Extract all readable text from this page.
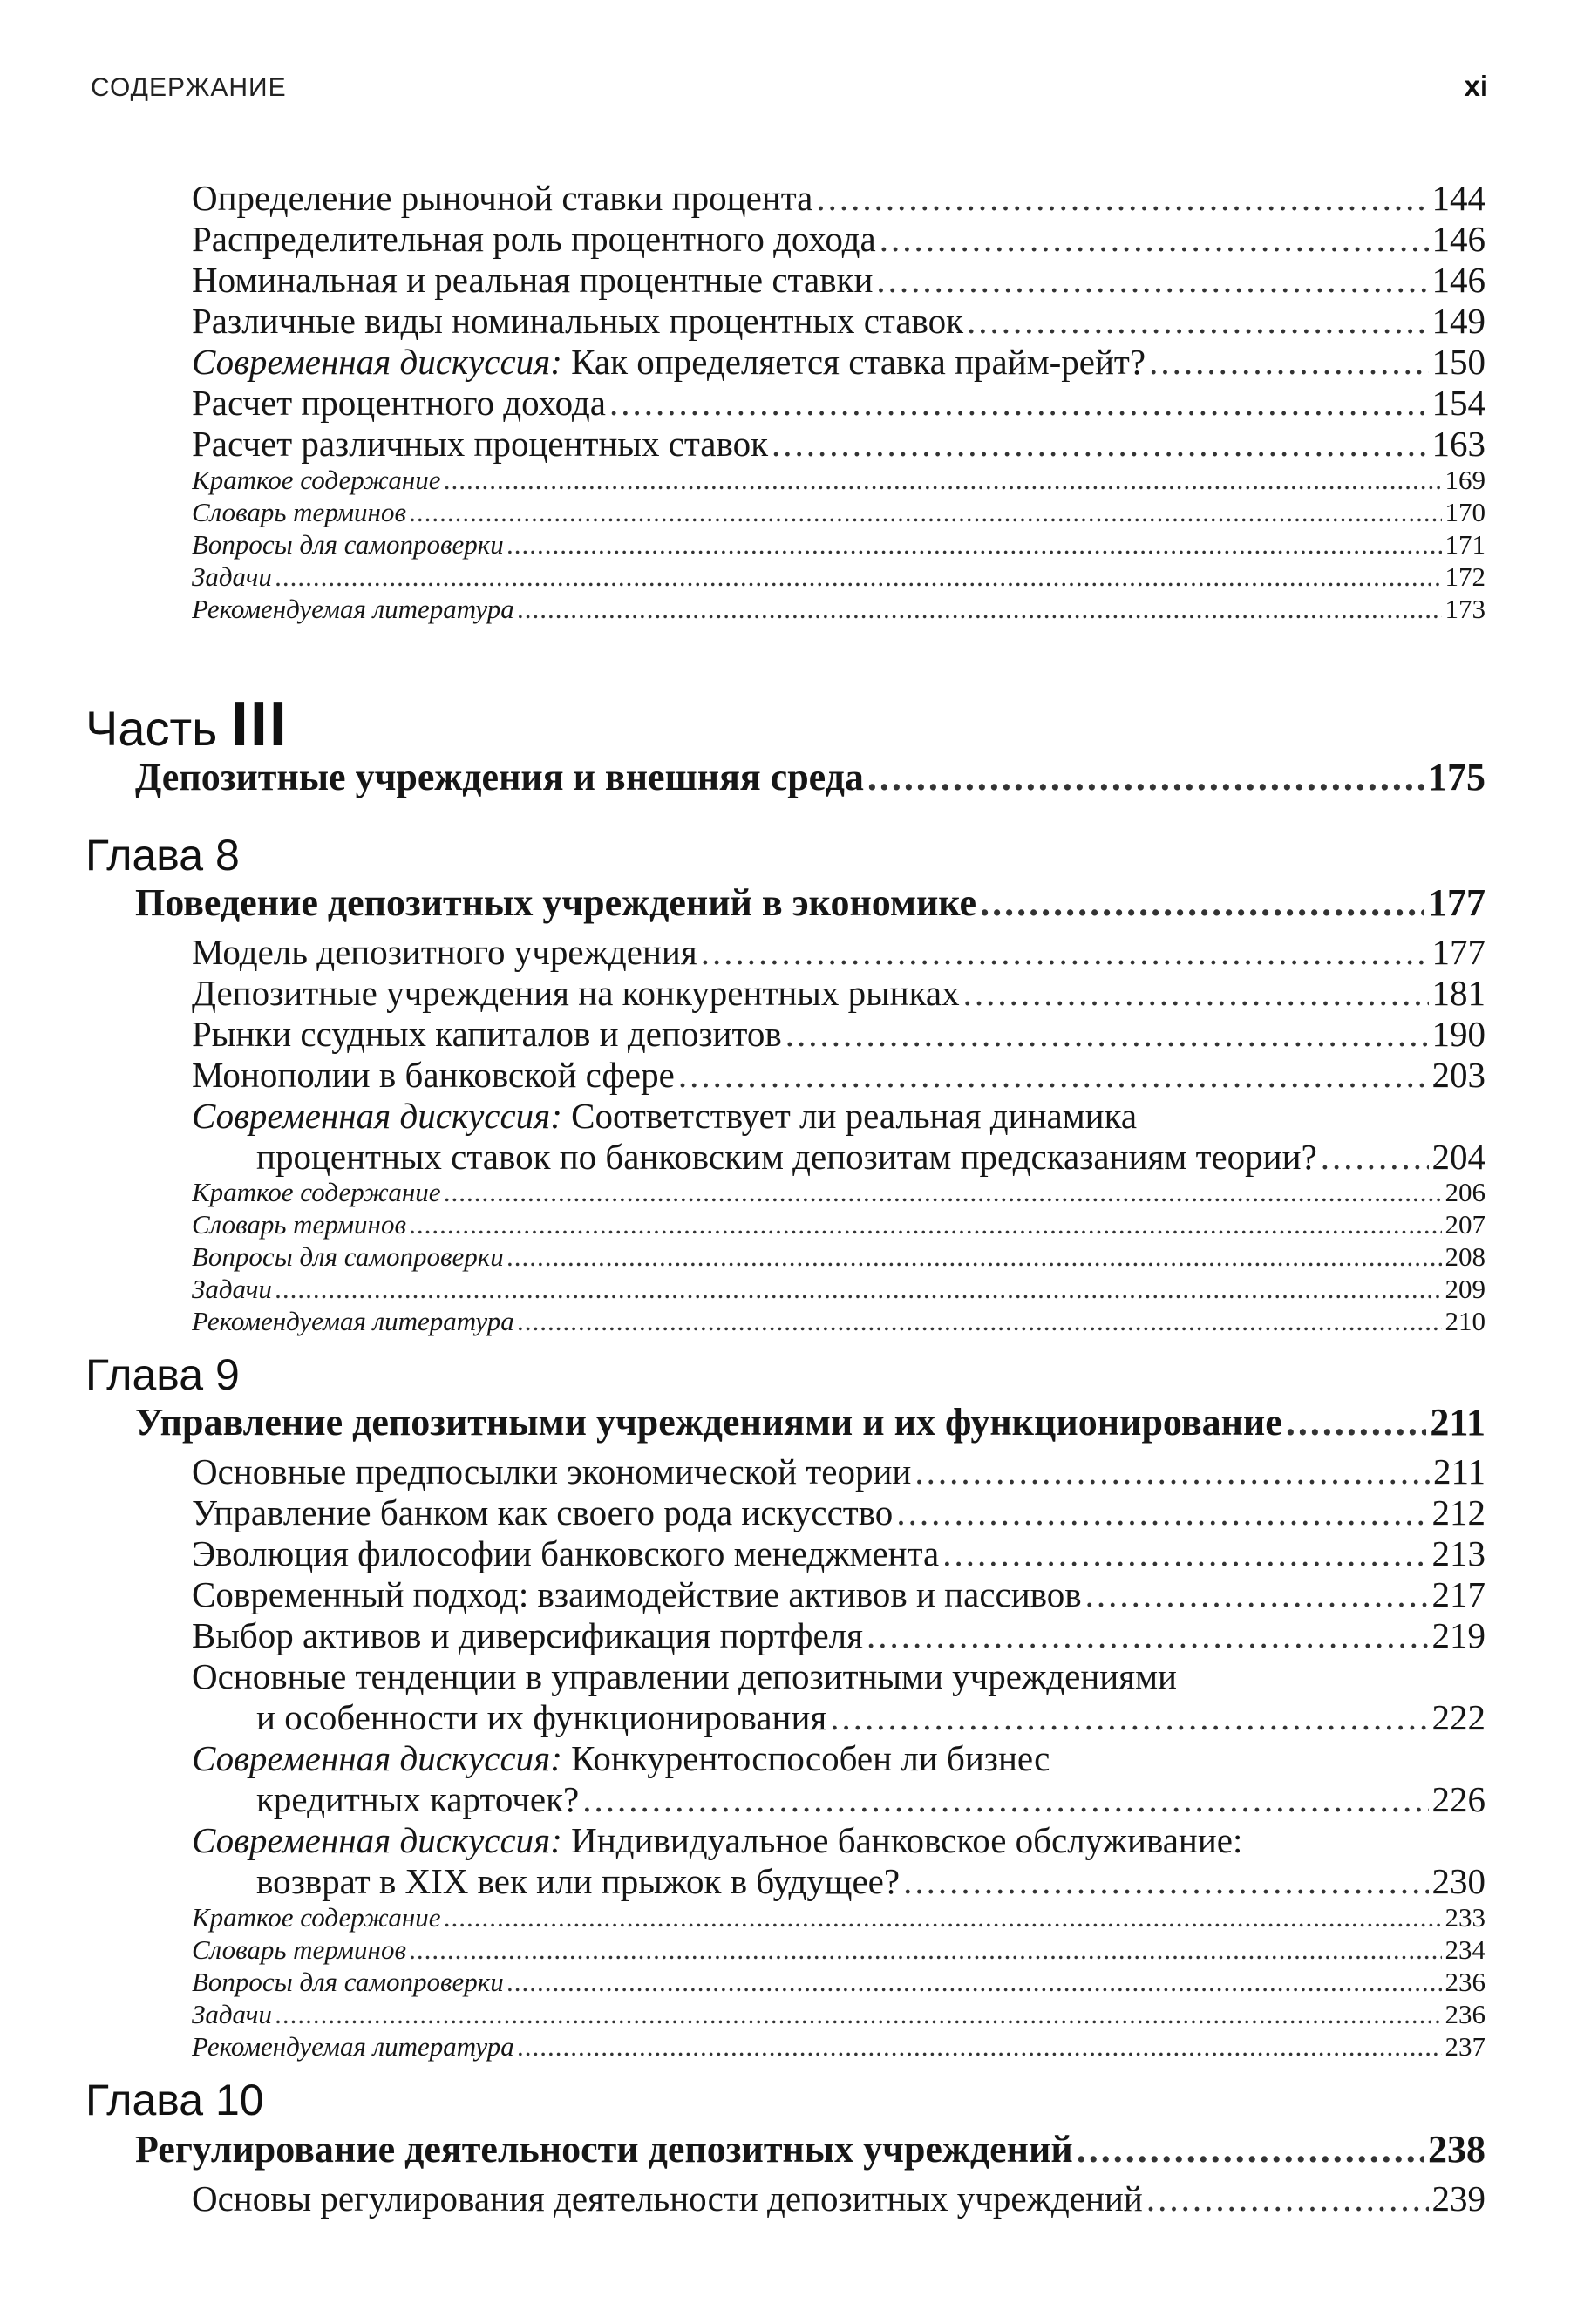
СОДЕРЖАНИЕ	xi
Определение рыночной ставки процента .....	144
Распределительная роль процентного дохода .....	146
Номинальная и реальная процентные ставки .....	146
Различные виды номинальных процентных ставок .....	149
Современная дискуссия: Как определяется ставка прайм-рейт? .....	150
Расчет процентного дохода .....	154
Расчет различных процентных ставок .....	163
Краткое содержание .....	169
Словарь терминов .....	170
Вопросы для самопроверки .....	171
Задачи .....	172
Рекомендуемая литература .....	173
Часть III
Депозитные учреждения и внешняя среда .....	175
Глава 8
Поведение депозитных учреждений в экономике .....	177
Модель депозитного учреждения .....	177
Депозитные учреждения на конкурентных рынках .....	181
Рынки ссудных капиталов и депозитов .....	190
Монополии в банковской сфере .....	203
Современная дискуссия: Соответствует ли реальная динамика
процентных ставок по банковским депозитам предсказаниям теории? .....	204
Краткое содержание .....	206
Словарь терминов .....	207
Вопросы для самопроверки .....	208
Задачи .....	209
Рекомендуемая литература .....	210
Глава 9
Управление депозитными учреждениями и их функционирование .....	211
Основные предпосылки экономической теории .....	211
Управление банком как своего рода искусство .....	212
Эволюция философии банковского менеджмента .....	213
Современный подход: взаимодействие активов и пассивов .....	217
Выбор активов и диверсификация портфеля .....	219
Основные тенденции в управлении депозитными учреждениями
и особенности их функционирования .....	222
Современная дискуссия: Конкурентоспособен ли бизнес
кредитных карточек? .....	226
Современная дискуссия: Индивидуальное банковское обслуживание:
возврат в XIX век или прыжок в будущее? .....	230
Краткое содержание .....	233
Словарь терминов .....	234
Вопросы для самопроверки .....	236
Задачи .....	236
Рекомендуемая литература .....	237
Глава 10
Регулирование деятельности депозитных учреждений .....	238
Основы регулирования деятельности депозитных учреждений .....	239
